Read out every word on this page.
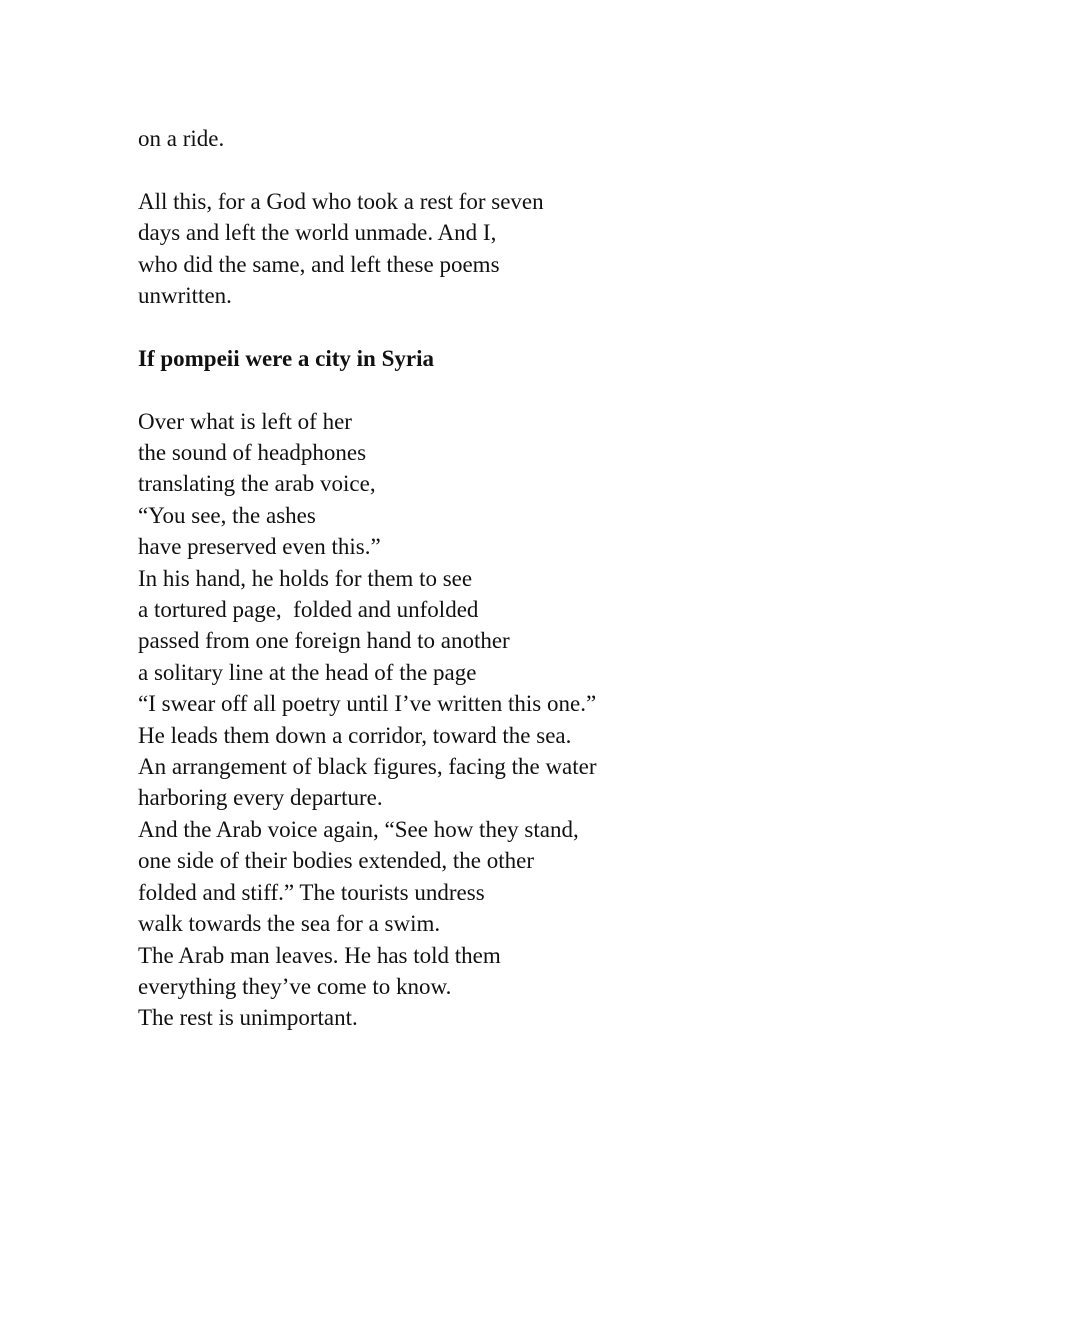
on a ride.
All this, for a God who took a rest for seven
days and left the world unmade. And I,
who did the same, and left these poems
unwritten.
If pompeii were a city in Syria
Over what is left of her
the sound of headphones
translating the arab voice,
“You see, the ashes
have preserved even this.”
In his hand, he holds for them to see
a tortured page,  folded and unfolded
passed from one foreign hand to another
a solitary line at the head of the page
“I swear off all poetry until I’ve written this one.”
He leads them down a corridor, toward the sea.
An arrangement of black figures, facing the water
harboring every departure.
And the Arab voice again, “See how they stand,
one side of their bodies extended, the other
folded and stiff.” The tourists undress
walk towards the sea for a swim.
The Arab man leaves. He has told them
everything they’ve come to know.
The rest is unimportant.
